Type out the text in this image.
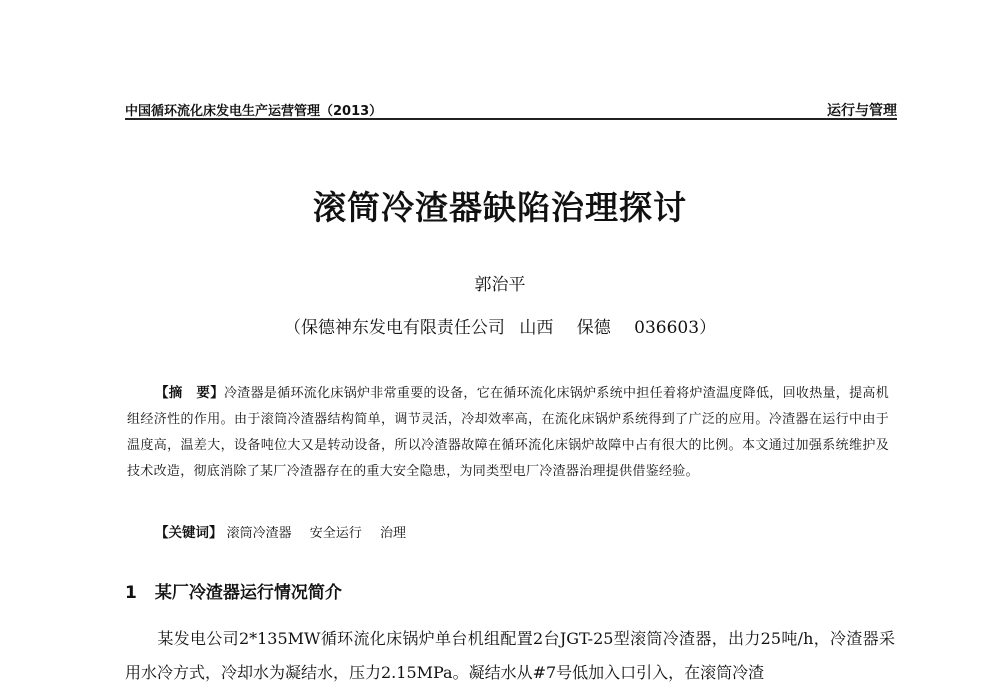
中国循环流化床发电生产运营管理（2013）	运行与管理
滚筒冷渣器缺陷治理探讨
郭治平
（保德神东发电有限责任公司 山西 保德 036603）
【摘　要】冷渣器是循环流化床锅炉非常重要的设备，它在循环流化床锅炉系统中担任着将炉渣温度降低，回收热量，提高机组经济性的作用。由于滚筒冷渣器结构简单，调节灵活，冷却效率高，在流化床锅炉系统得到了广泛的应用。冷渣器在运行中由于温度高，温差大，设备吨位大又是转动设备，所以冷渣器故障在循环流化床锅炉故障中占有很大的比例。本文通过加强系统维护及技术改造，彻底消除了某厂冷渣器存在的重大安全隐患，为同类型电厂冷渣器治理提供借鉴经验。
【关键词】 滚筒冷渣器 安全运行 治理
1 某厂冷渣器运行情况简介
某发电公司2*135MW循环流化床锅炉单台机组配置2台JGT-25型滚筒冷渣器，出力25吨/h，冷渣器采用水冷方式，冷却水为凝结水，压力2.15MPa。凝结水从#7号低加入口引入，在滚筒冷渣
